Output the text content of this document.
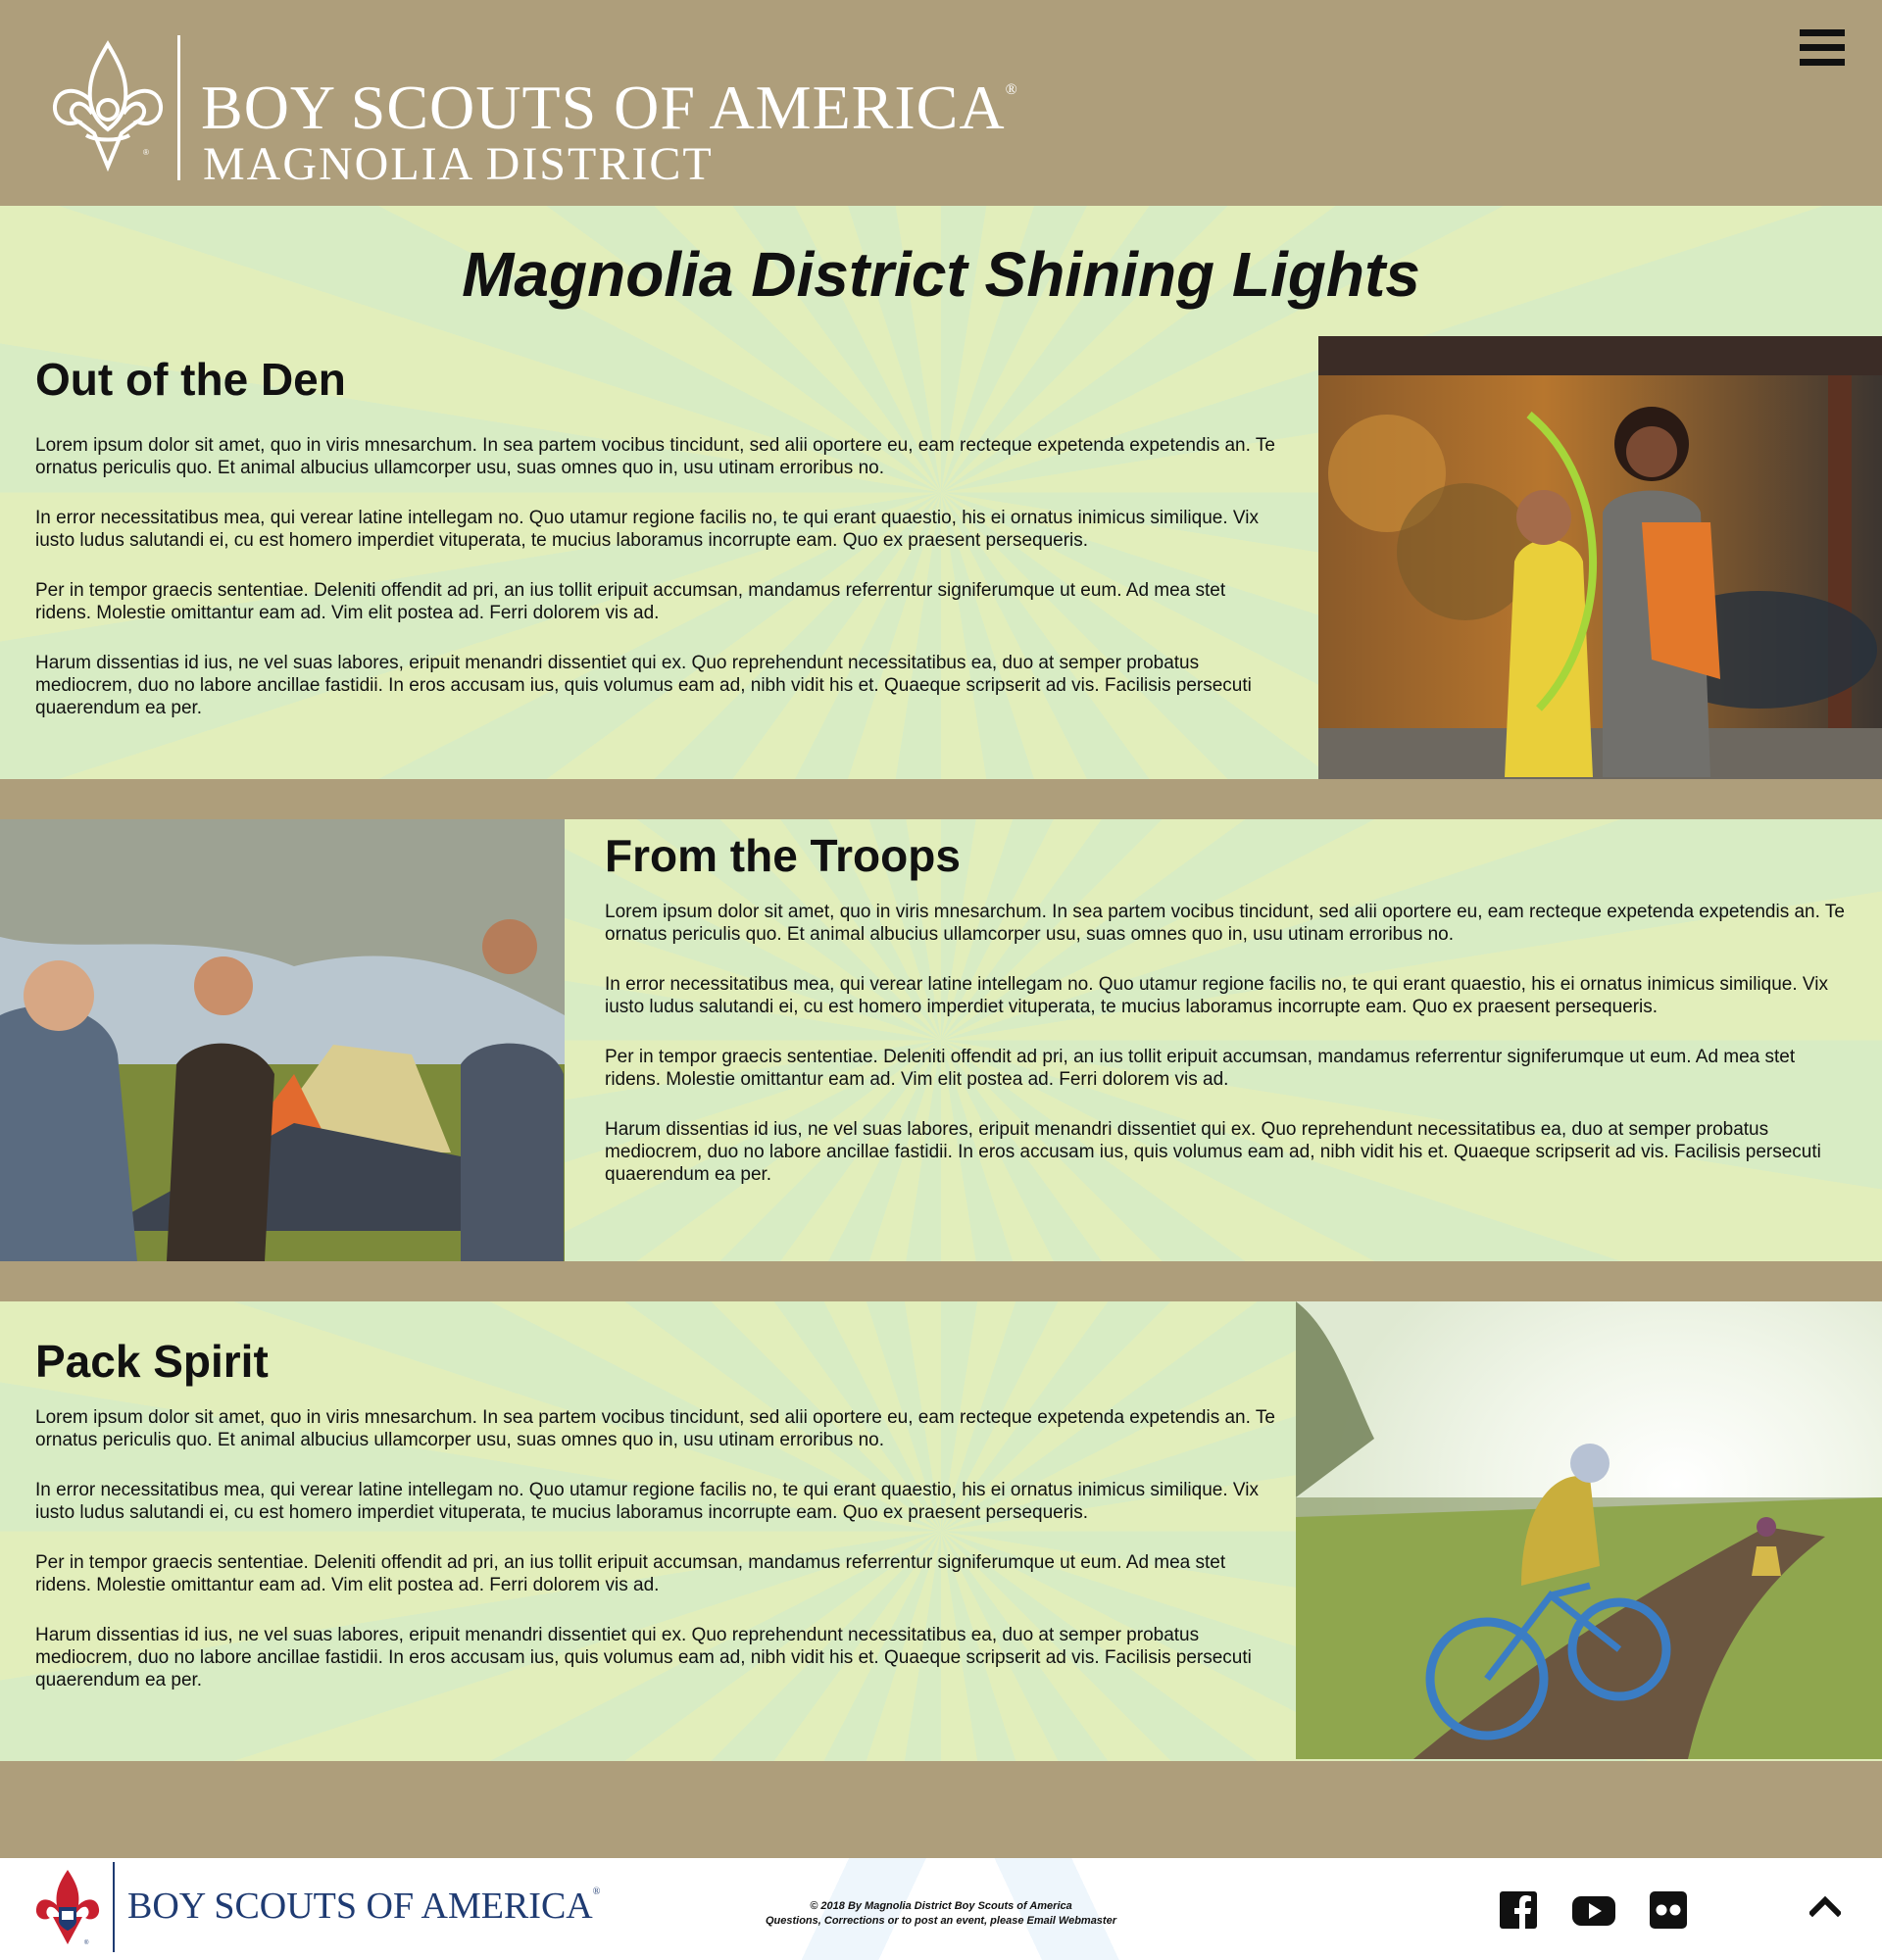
®
BOY SCOUTS OF AMERICA®
MAGNOLIA DISTRICT
Magnolia District Shining Lights
Out of the Den

Lorem ipsum dolor sit amet, quo in viris mnesarchum. In sea partem vocibus tincidunt, sed alii oportere eu, eam recteque expetenda expetendis an. Te ornatus periculis quo. Et animal albucius ullamcorper usu, suas omnes quo in, usu utinam erroribus no.

In error necessitatibus mea, qui verear latine intellegam no. Quo utamur regione facilis no, te qui erant quaestio, his ei ornatus inimicus similique. Vix iusto ludus salutandi ei, cu est homero imperdiet vituperata, te mucius laboramus incorrupte eam. Quo ex praesent persequeris.

Per in tempor graecis sententiae. Deleniti offendit ad pri, an ius tollit eripuit accumsan, mandamus referrentur signiferumque ut eum. Ad mea stet ridens. Molestie omittantur eam ad. Vim elit postea ad. Ferri dolorem vis ad.

Harum dissentias id ius, ne vel suas labores, eripuit menandri dissentiet qui ex. Quo reprehendunt necessitatibus ea, duo at semper probatus mediocrem, duo no labore ancillae fastidii. In eros accusam ius, quis volumus eam ad, nibh vidit his et. Quaeque scripserit ad vis. Facilisis persecuti quaerendum ea per.

From the Troops

Lorem ipsum dolor sit amet, quo in viris mnesarchum. In sea partem vocibus tincidunt, sed alii oportere eu, eam recteque expetenda expetendis an. Te ornatus periculis quo. Et animal albucius ullamcorper usu, suas omnes quo in, usu utinam erroribus no.

In error necessitatibus mea, qui verear latine intellegam no. Quo utamur regione facilis no, te qui erant quaestio, his ei ornatus inimicus similique. Vix iusto ludus salutandi ei, cu est homero imperdiet vituperata, te mucius laboramus incorrupte eam. Quo ex praesent persequeris.

Per in tempor graecis sententiae. Deleniti offendit ad pri, an ius tollit eripuit accumsan, mandamus referrentur signiferumque ut eum. Ad mea stet ridens. Molestie omittantur eam ad. Vim elit postea ad. Ferri dolorem vis ad.

Harum dissentias id ius, ne vel suas labores, eripuit menandri dissentiet qui ex. Quo reprehendunt necessitatibus ea, duo at semper probatus mediocrem, duo no labore ancillae fastidii. In eros accusam ius, quis volumus eam ad, nibh vidit his et. Quaeque scripserit ad vis. Facilisis persecuti quaerendum ea per.

Pack Spirit

Lorem ipsum dolor sit amet, quo in viris mnesarchum. In sea partem vocibus tincidunt, sed alii oportere eu, eam recteque expetenda expetendis an. Te ornatus periculis quo. Et animal albucius ullamcorper usu, suas omnes quo in, usu utinam erroribus no.

In error necessitatibus mea, qui verear latine intellegam no. Quo utamur regione facilis no, te qui erant quaestio, his ei ornatus inimicus similique. Vix iusto ludus salutandi ei, cu est homero imperdiet vituperata, te mucius laboramus incorrupte eam. Quo ex praesent persequeris.

Per in tempor graecis sententiae. Deleniti offendit ad pri, an ius tollit eripuit accumsan, mandamus referrentur signiferumque ut eum. Ad mea stet ridens. Molestie omittantur eam ad. Vim elit postea ad. Ferri dolorem vis ad.

Harum dissentias id ius, ne vel suas labores, eripuit menandri dissentiet qui ex. Quo reprehendunt necessitatibus ea, duo at semper probatus mediocrem, duo no labore ancillae fastidii. In eros accusam ius, quis volumus eam ad, nibh vidit his et. Quaeque scripserit ad vis. Facilisis persecuti quaerendum ea per.

®
BOY SCOUTS OF AMERICA®
© 2018 By Magnolia District Boy Scouts of America
Questions, Corrections or to post an event, please Email Webmaster
